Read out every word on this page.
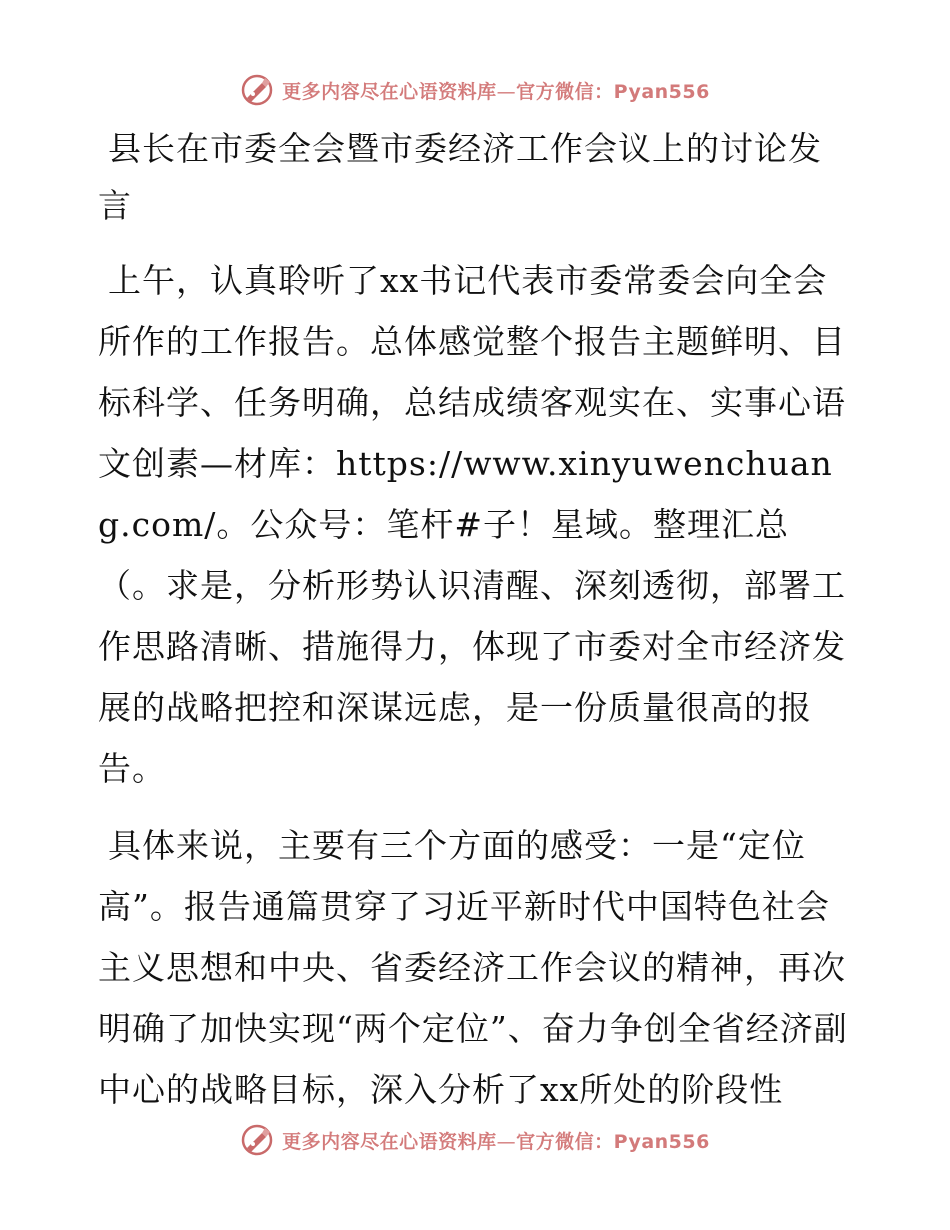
更多内容尽在心语资料库—官方微信：Pyan556
县长在市委全会暨市委经济工作会议上的讨论发言

上午，认真聆听了xx书记代表市委常委会向全会所作的工作报告。总体感觉整个报告主题鲜明、目标科学、任务明确，总结成绩客观实在、实事心语文创素—材库：https://www.xinyuwenchuang.com/。公众号：笔杆#子！星域。整理汇总（。求是，分析形势认识清醒、深刻透彻，部署工作思路清晰、措施得力，体现了市委对全市经济发展的战略把控和深谋远虑，是一份质量很高的报告。

具体来说，主要有三个方面的感受：一是“定位高”。报告通篇贯穿了习近平新时代中国特色社会主义思想和中央、省委经济工作会议的精神，再次明确了加快实现“两个定位”、奋力争创全省经济副中心的战略目标，深入分析了xx所处的阶段性

更多内容尽在心语资料库—官方微信：Pyan556
